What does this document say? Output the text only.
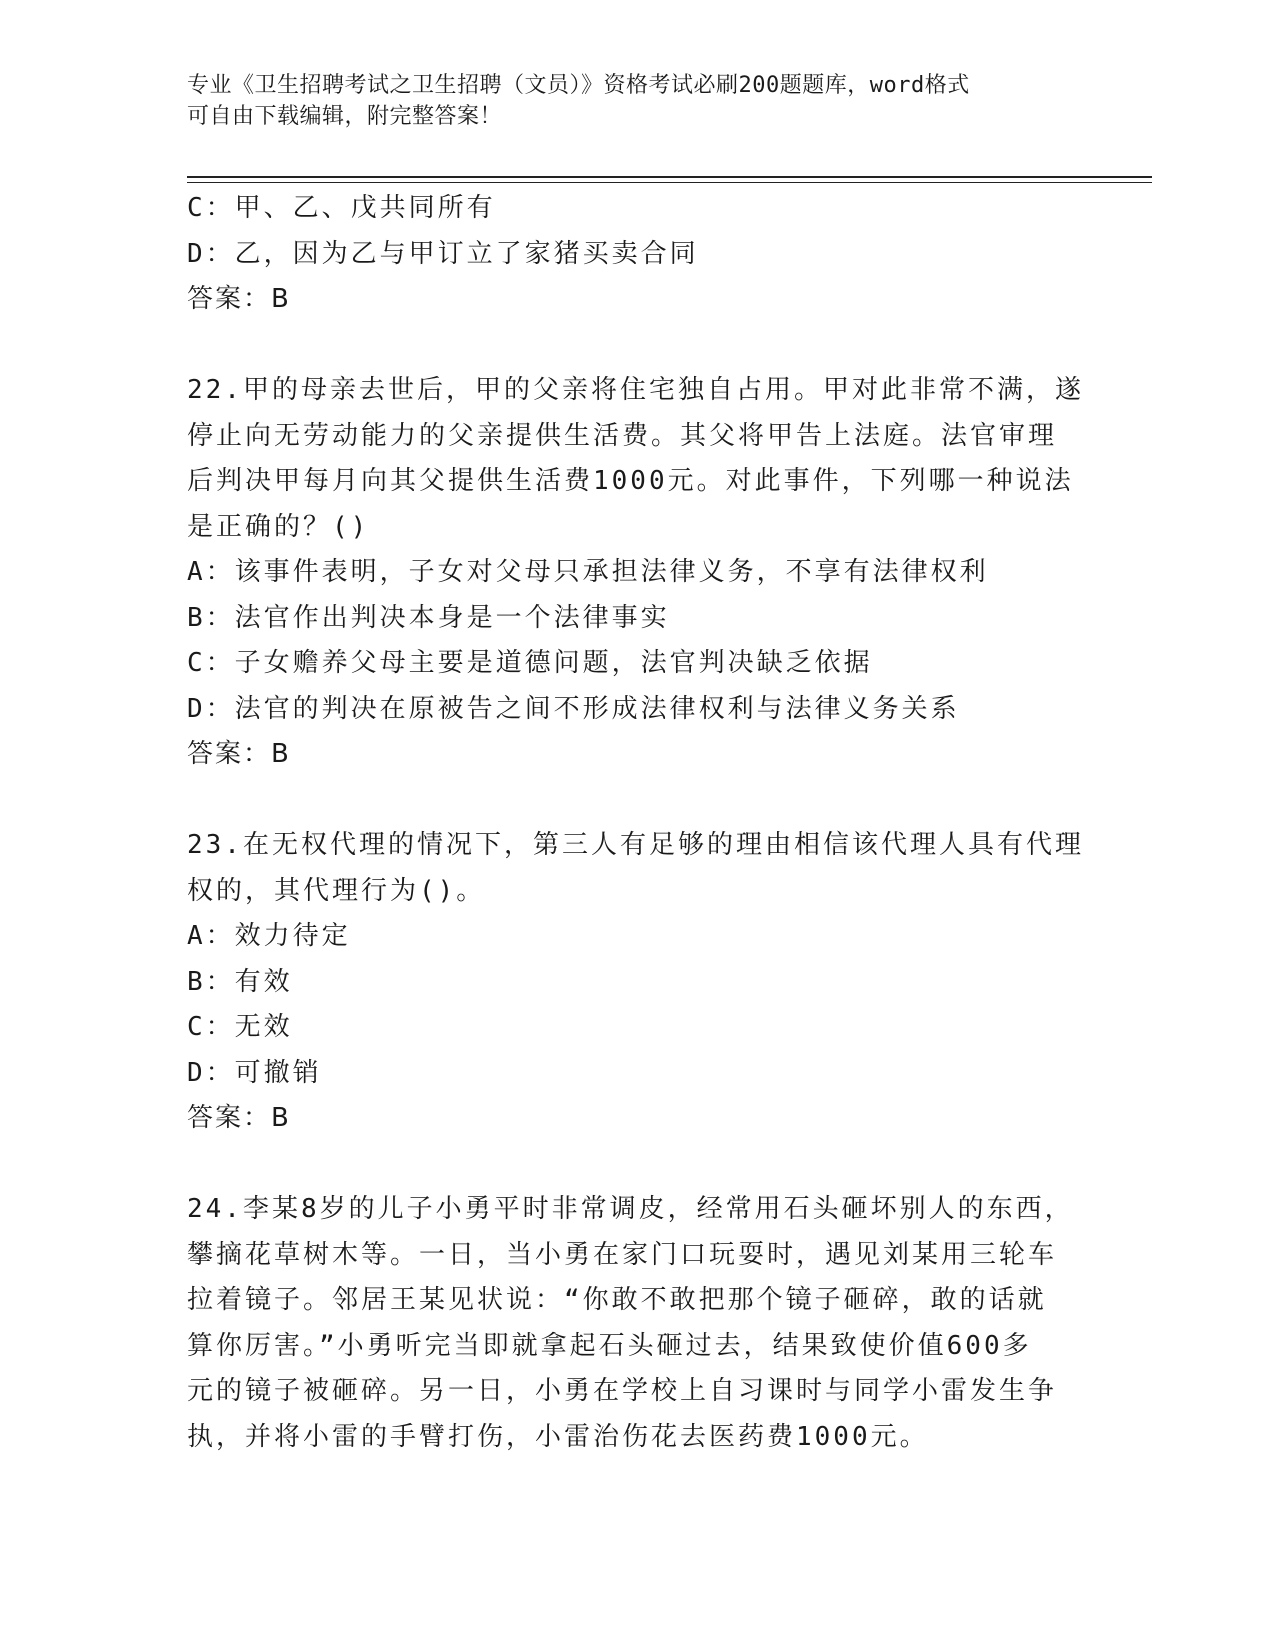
专业《卫生招聘考试之卫生招聘（文员）》资格考试必刷200题题库，word格式
可自由下载编辑，附完整答案！

C：甲、乙、戊共同所有

D：乙，因为乙与甲订立了家猪买卖合同

答案：B

22.甲的母亲去世后，甲的父亲将住宅独自占用。甲对此非常不满，遂

停止向无劳动能力的父亲提供生活费。其父将甲告上法庭。法官审理

后判决甲每月向其父提供生活费1000元。对此事件，下列哪一种说法

是正确的？()

A：该事件表明，子女对父母只承担法律义务，不享有法律权利

B：法官作出判决本身是一个法律事实

C：子女赡养父母主要是道德问题，法官判决缺乏依据

D：法官的判决在原被告之间不形成法律权利与法律义务关系

答案：B

23.在无权代理的情况下，第三人有足够的理由相信该代理人具有代理

权的，其代理行为()。

A：效力待定

B：有效

C：无效

D：可撤销

答案：B

24.李某8岁的儿子小勇平时非常调皮，经常用石头砸坏别人的东西，

攀摘花草树木等。一日，当小勇在家门口玩耍时，遇见刘某用三轮车

拉着镜子。邻居王某见状说：“你敢不敢把那个镜子砸碎，敢的话就

算你厉害。”小勇听完当即就拿起石头砸过去，结果致使价值600多

元的镜子被砸碎。另一日，小勇在学校上自习课时与同学小雷发生争

执，并将小雷的手臂打伤，小雷治伤花去医药费1000元。
